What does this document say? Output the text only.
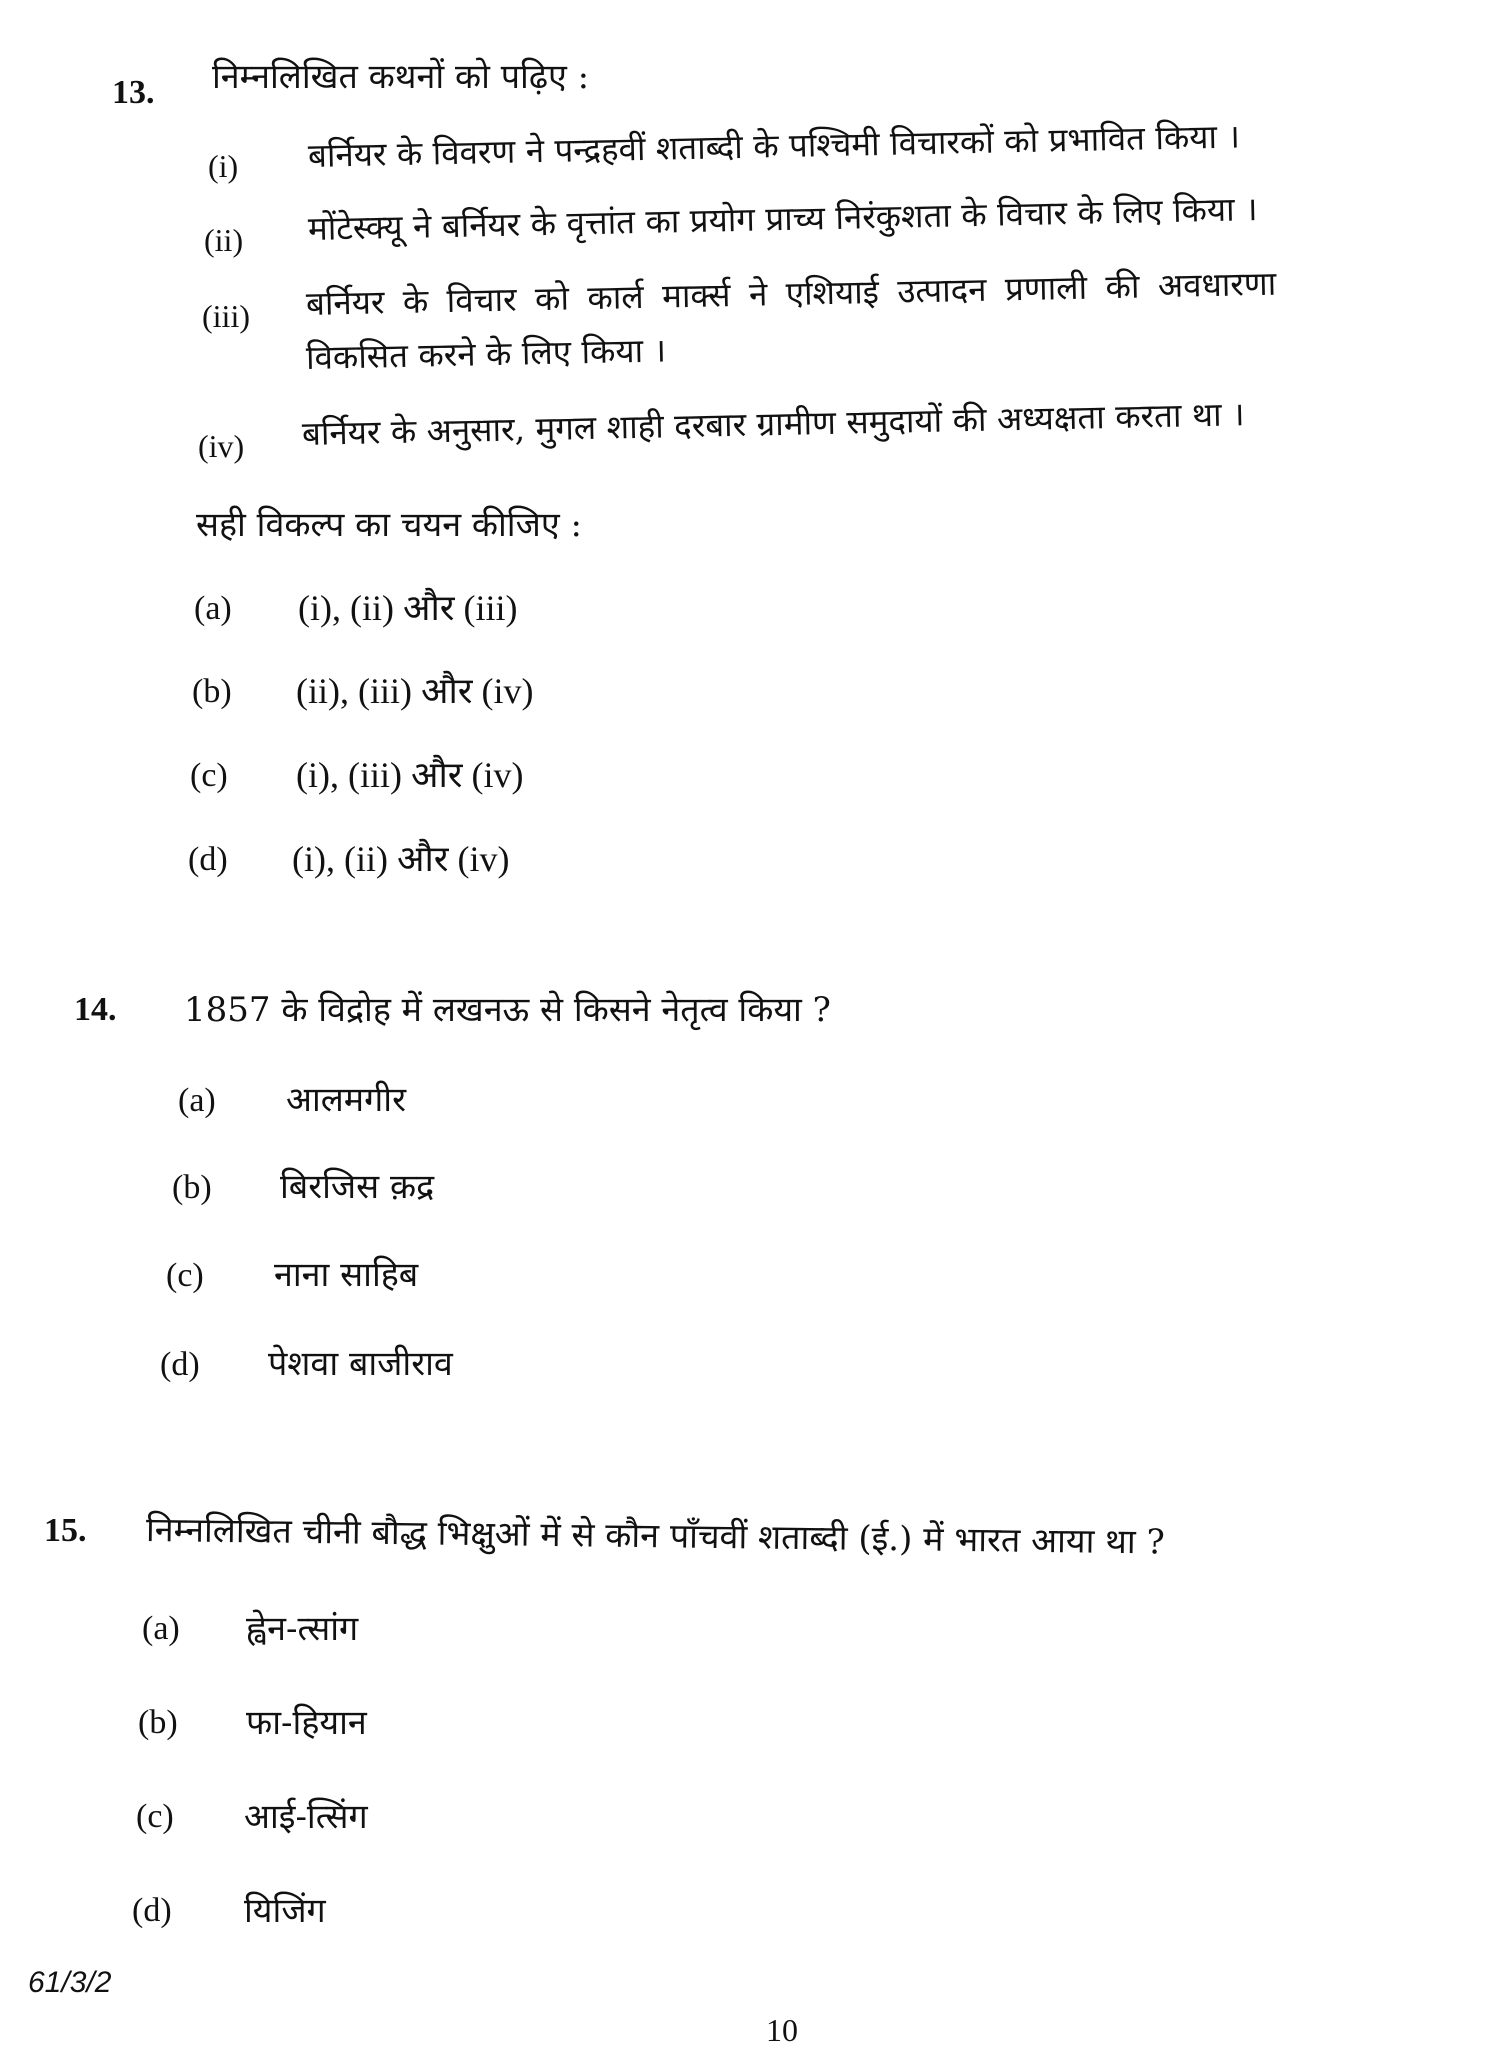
13. निम्नलिखित कथनों को पढ़िए :
(i) बर्नियर के विवरण ने पन्द्रहवीं शताब्दी के पश्चिमी विचारकों को प्रभावित किया ।
(ii) मोंटेस्क्यू ने बर्नियर के वृत्तांत का प्रयोग प्राच्य निरंकुशता के विचार के लिए किया ।
(iii) बर्नियर के विचार को कार्ल मार्क्स ने एशियाई उत्पादन प्रणाली की अवधारणा
विकसित करने के लिए किया ।
(iv) बर्नियर के अनुसार, मुगल शाही दरबार ग्रामीण समुदायों की अध्यक्षता करता था ।
सही विकल्प का चयन कीजिए :
(a) (i), (ii) और (iii)
(b) (ii), (iii) और (iv)
(c) (i), (iii) और (iv)
(d) (i), (ii) और (iv)
14. 1857 के विद्रोह में लखनऊ से किसने नेतृत्व किया ?
(a) आलमगीर
(b) बिरजिस क़द्र
(c) नाना साहिब
(d) पेशवा बाजीराव
15. निम्नलिखित चीनी बौद्ध भिक्षुओं में से कौन पाँचवीं शताब्दी (ई.) में भारत आया था ?
(a) ह्वेन-त्सांग
(b) फा-हियान
(c) आई-त्सिंग
(d) यिजिंग
61/3/2
10
